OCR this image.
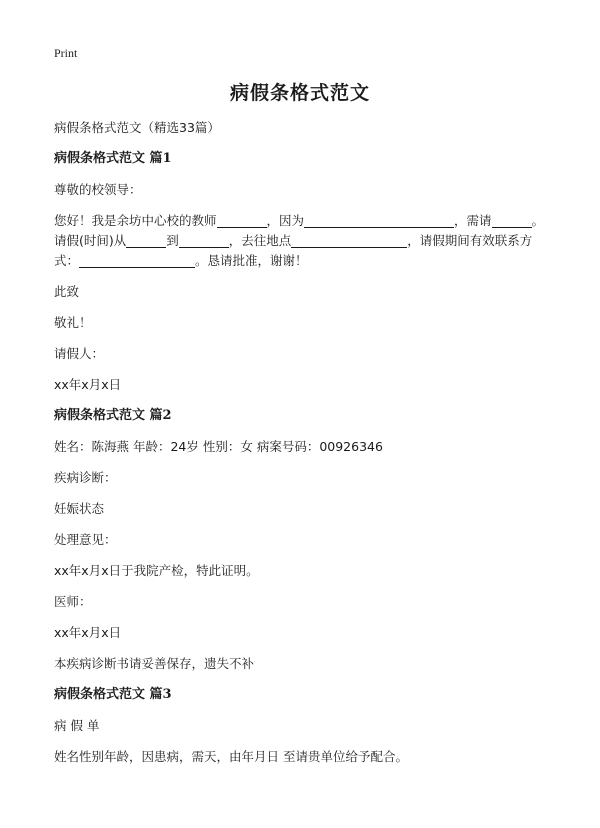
Print
病假条格式范文
病假条格式范文（精选33篇）
病假条格式范文 篇1
尊敬的校领导：
您好！我是余坊中心校的教师	，因为	，需请	。请假(时间)从	到	，去往地点	，请假期间有效联系方式：	。恳请批准，谢谢！
此致
敬礼！
请假人：
xx年x月x日
病假条格式范文 篇2
姓名：陈海燕 年龄：24岁 性别：女 病案号码：00926346
疾病诊断：
妊娠状态
处理意见：
xx年x月x日于我院产检，特此证明。
医师：
xx年x月x日
本疾病诊断书请妥善保存，遗失不补
病假条格式范文 篇3
病 假 单
姓名性别年龄，因患病，需天，由年月日 至请贵单位给予配合。
